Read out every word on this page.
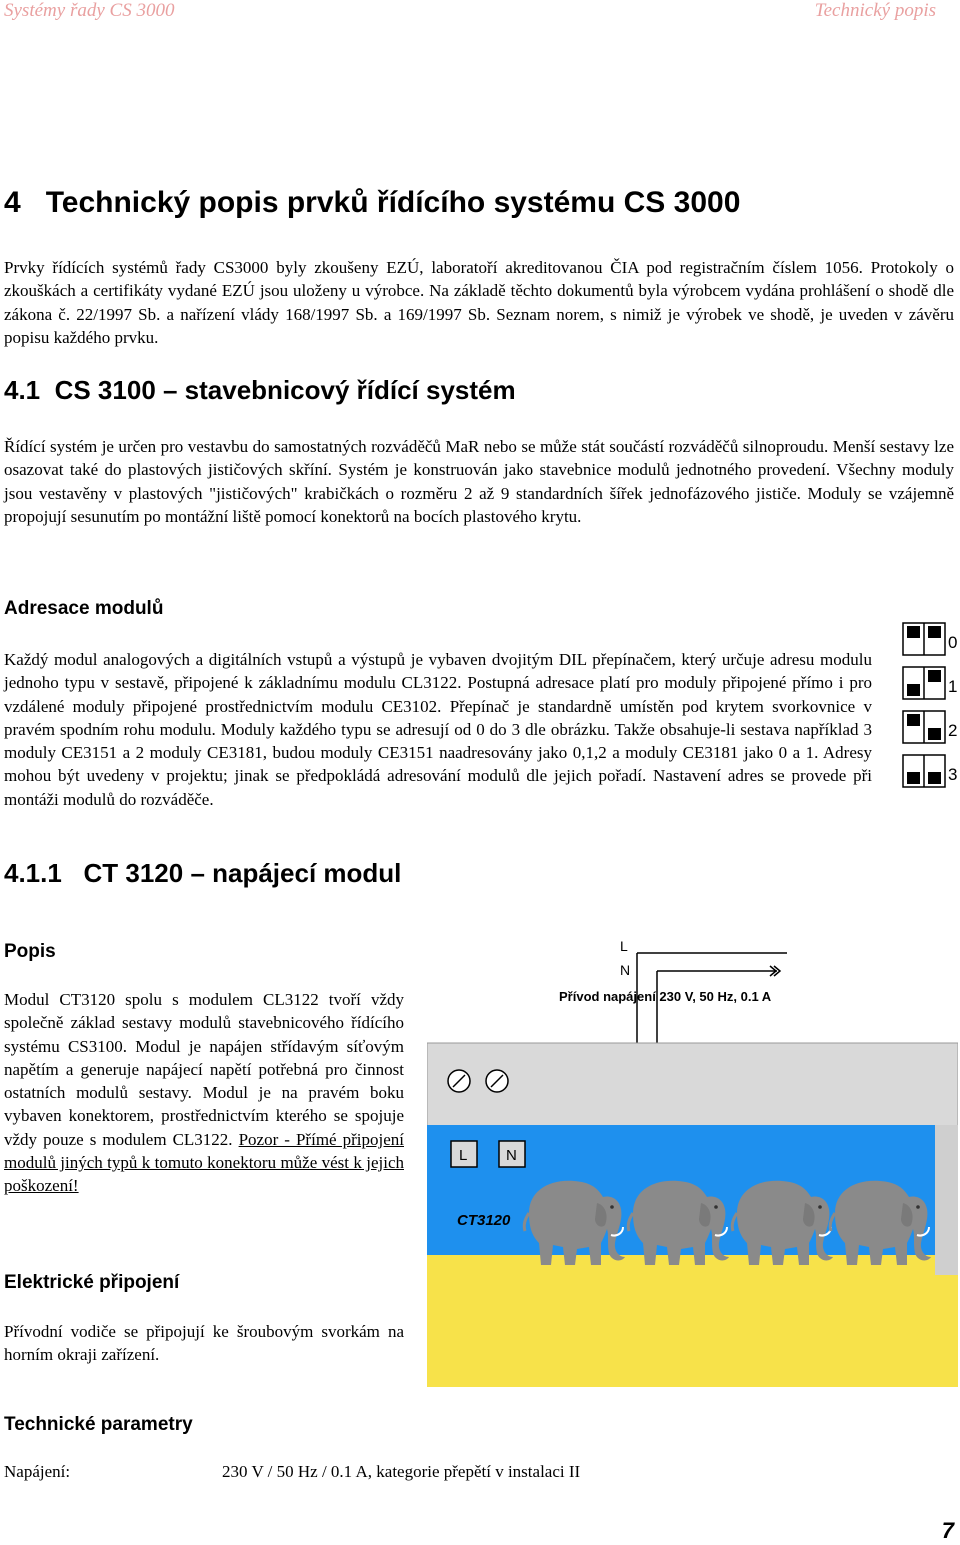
Systémy řady CS 3000	Technický popis
4   Technický popis prvků řídícího systému CS 3000
Prvky řídících systémů řady CS3000 byly zkoušeny EZÚ, laboratoří akreditovanou ČIA pod registračním číslem 1056. Protokoly o zkouškách a certifikáty vydané EZÚ jsou uloženy u výrobce. Na základě těchto dokumentů byla výrobcem vydána prohlášení o shodě dle zákona č. 22/1997 Sb. a nařízení vlády 168/1997 Sb. a 169/1997 Sb. Seznam norem, s nimiž je výrobek ve shodě, je uveden v závěru popisu každého prvku.
4.1  CS 3100 – stavebnicový řídící systém
Řídící systém je určen pro vestavbu do samostatných rozváděčů MaR nebo se může stát součástí rozváděčů silnoproudu. Menší sestavy lze osazovat také do plastových jističových skříní. Systém je konstruován jako stavebnice modulů jednotného provedení. Všechny moduly jsou vestavěny v plastových "jističových" krabičkách o rozměru 2 až 9 standardních šířek jednofázového jističe. Moduly se vzájemně propojují sesunutím po montážní liště pomocí konektorů na bocích plastového krytu.
Adresace modulů
Každý modul analogových a digitálních vstupů a výstupů je vybaven dvojitým DIL přepínačem, který určuje adresu modulu jednoho typu v sestavě, připojené k základnímu modulu CL3122. Postupná adresace platí pro moduly připojené přímo i pro vzdálené moduly připojené prostřednictvím modulu CE3102. Přepínač je standardně umístěn pod krytem svorkovnice v pravém spodním rohu modulu. Moduly každého typu se adresují od 0 do 3 dle obrázku. Takže obsahuje-li sestava například 3 moduly CE3151 a 2 moduly CE3181, budou moduly CE3151 naadresovány jako 0,1,2 a moduly CE3181 jako 0 a 1. Adresy mohou být uvedeny v projektu; jinak se předpokládá adresování modulů dle jejich pořadí. Nastavení adres se provede při montáži modulů do rozváděče.
0
1
2
3
4.1.1   CT 3120 – napájecí modul
Popis
Modul CT3120 spolu s modulem CL3122 tvoří vždy společně základ sestavy modulů stavebnicového řídícího systému CS3100. Modul je napájen střídavým síťovým napětím a generuje napájecí napětí potřebná pro činnost ostatních modulů sestavy. Modul je na pravém boku vybaven konektorem, prostřednictvím kterého se spojuje vždy pouze s modulem CL3122. Pozor - Přímé připojení modulů jiných typů k tomuto konektoru může vést k jejich poškození!
Elektrické připojení
Přívodní vodiče se připojují ke šroubovým svorkám na horním okraji zařízení.
L
N
Přívod napájení 230 V, 50 Hz, 0.1 A
L	N
CT3120
Technické parametry
Napájení:	230 V / 50 Hz / 0.1 A, kategorie přepětí v instalaci II
7
